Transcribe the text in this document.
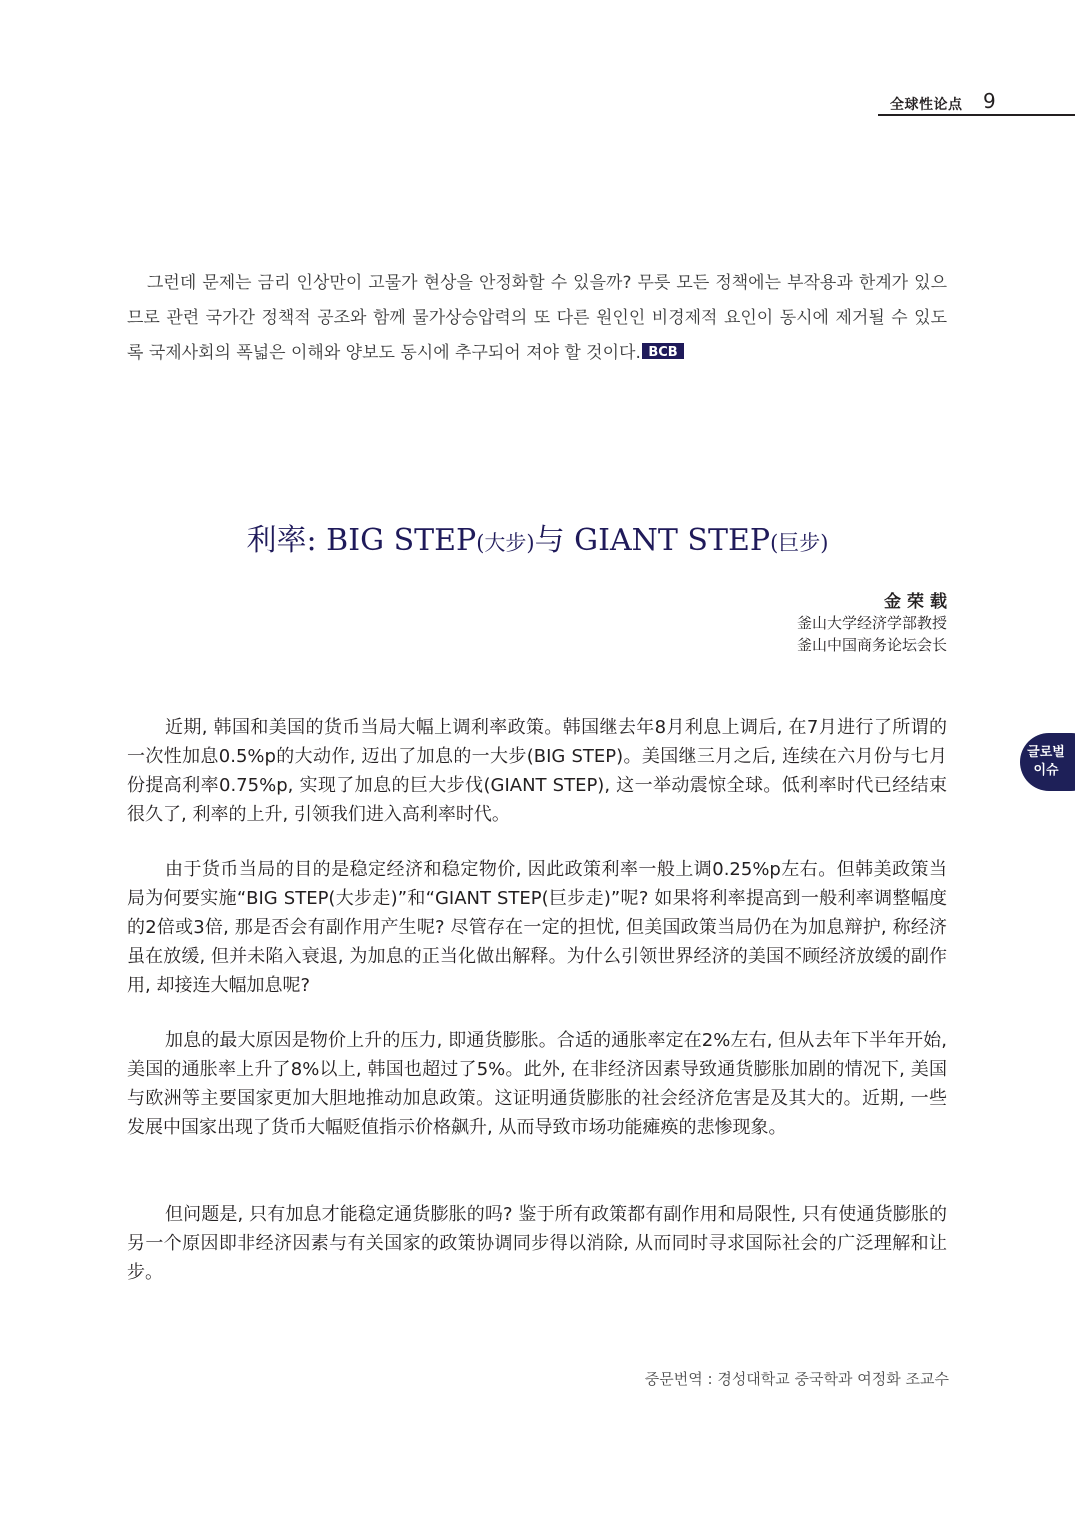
全球性论点 9

그런데 문제는 금리 인상만이 고물가 현상을 안정화할 수 있을까? 무릇 모든 정책에는 부작용과 한계가 있으므로 관련 국가간 정책적 공조와 함께 물가상승압력의 또 다른 원인인 비경제적 요인이 동시에 제거될 수 있도록 국제사회의 폭넓은 이해와 양보도 동시에 추구되어 져야 할 것이다. BCB

利率: BIG STEP(大步)与 GIANT STEP(巨步)
金荣载
釜山大学经济学部教授
釜山中国商务论坛会长

近期, 韩国和美国的货币当局大幅上调利率政策。韩国继去年8月利息上调后, 在7月进行了所谓的一次性加息0.5%p的大动作, 迈出了加息的一大步(BIG STEP)。美国继三月之后, 连续在六月份与七月份提高利率0.75%p, 实现了加息的巨大步伐(GIANT STEP), 这一举动震惊全球。低利率时代已经结束很久了, 利率的上升, 引领我们进入高利率时代。

由于货币当局的目的是稳定经济和稳定物价, 因此政策利率一般上调0.25%p左右。但韩美政策当局为何要实施“BIG STEP(大步走)”和“GIANT STEP(巨步走)”呢? 如果将利率提高到一般利率调整幅度的2倍或3倍, 那是否会有副作用产生呢? 尽管存在一定的担忧, 但美国政策当局仍在为加息辩护, 称经济虽在放缓, 但并未陷入衰退, 为加息的正当化做出解释。为什么引领世界经济的美国不顾经济放缓的副作用, 却接连大幅加息呢?

加息的最大原因是物价上升的压力, 即通货膨胀。合适的通胀率定在2%左右, 但从去年下半年开始, 美国的通胀率上升了8%以上, 韩国也超过了5%。此外, 在非经济因素导致通货膨胀加剧的情况下, 美国与欧洲等主要国家更加大胆地推动加息政策。这证明通货膨胀的社会经济危害是及其大的。近期, 一些发展中国家出现了货币大幅贬值指示价格飙升, 从而导致市场功能瘫痪的悲惨现象。

但问题是, 只有加息才能稳定通货膨胀的吗? 鉴于所有政策都有副作用和局限性, 只有使通货膨胀的另一个原因即非经济因素与有关国家的政策协调同步得以消除, 从而同时寻求国际社会的广泛理解和让步。

글로벌
이슈
중문번역 : 경성대학교 중국학과 여정화 조교수
